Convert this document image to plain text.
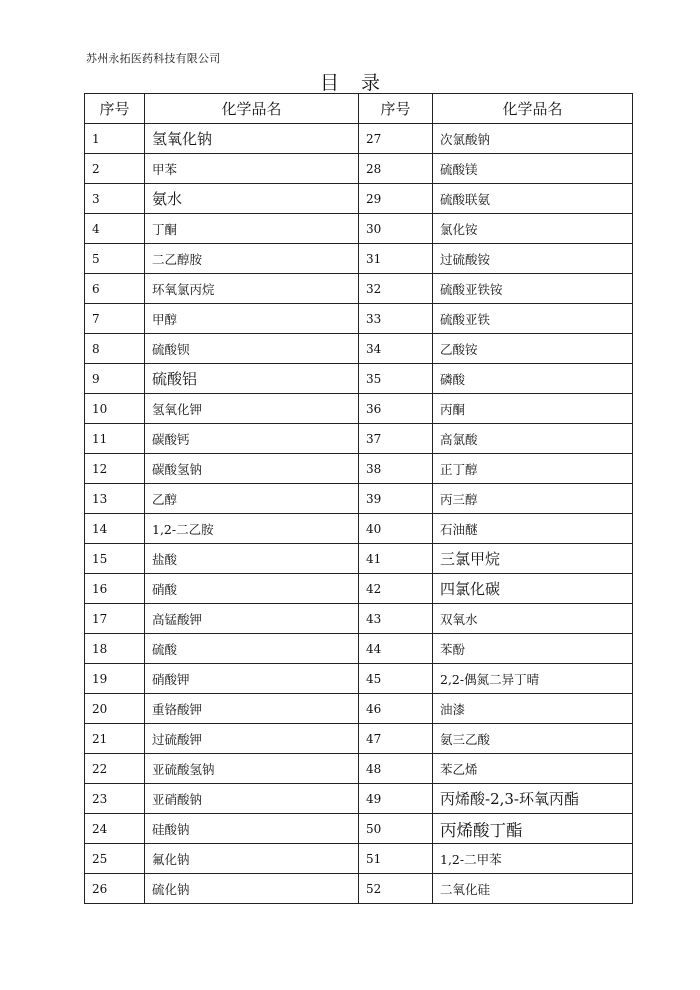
苏州永拓医药科技有限公司
目录
序号	化学品名	序号	化学品名
1	氢氧化钠	27	次氯酸钠
2	甲苯	28	硫酸镁
3	氨水	29	硫酸联氨
4	丁酮	30	氯化铵
5	二乙醇胺	31	过硫酸铵
6	环氧氯丙烷	32	硫酸亚铁铵
7	甲醇	33	硫酸亚铁
8	硫酸钡	34	乙酸铵
9	硫酸铝	35	磷酸
10	氢氧化钾	36	丙酮
11	碳酸钙	37	高氯酸
12	碳酸氢钠	38	正丁醇
13	乙醇	39	丙三醇
14	1,2-二乙胺	40	石油醚
15	盐酸	41	三氯甲烷
16	硝酸	42	四氯化碳
17	高锰酸钾	43	双氧水
18	硫酸	44	苯酚
19	硝酸钾	45	2,2-偶氮二异丁晴
20	重铬酸钾	46	油漆
21	过硫酸钾	47	氨三乙酸
22	亚硫酸氢钠	48	苯乙烯
23	亚硝酸钠	49	丙烯酸-2,3-环氧丙酯
24	硅酸钠	50	丙烯酸丁酯
25	氟化钠	51	1,2-二甲苯
26	硫化钠	52	二氧化硅
